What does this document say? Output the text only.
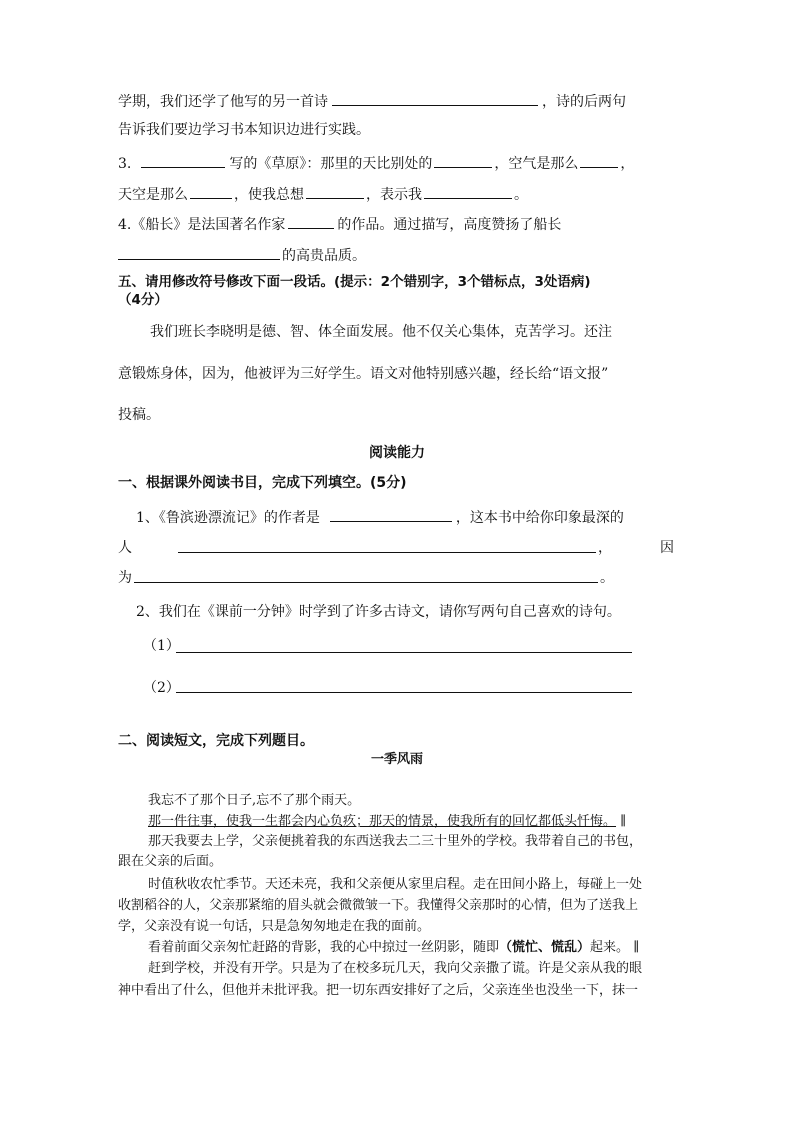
学期，我们还学了他写的另一首诗	，诗的后两句
告诉我们要边学习书本知识边进行实践。
3.	写的《草原》：那里的天比别处的	，空气是那么	，
天空是那么	，使我总想	，表示我	。
4.《船长》是法国著名作家	的作品。通过描写，高度赞扬了船长
的高贵品质。
五、请用修改符号修改下面一段话。(提示：2个错别字，3个错标点，3处语病)
（4分）
我们班长李晓明是德、智、体全面发展。他不仅关心集体，克苦学习。还注
意锻炼身体，因为，他被评为三好学生。语文对他特别感兴趣，经长给“语文报”
投稿。
阅读能力
一、根据课外阅读书目，完成下列填空。(5分)
1、《鲁滨逊漂流记》的作者是	，这本书中给你印象最深的
人	，	因
为	。
2、我们在《课前一分钟》时学到了许多古诗文，请你写两句自己喜欢的诗句。
（1）
（2）
二、阅读短文，完成下列题目。
一季风雨
我忘不了那个日子,忘不了那个雨天。
那一件往事，使我一生都会内心负疚；那天的情景，使我所有的回忆都低头忏悔。 ∥
那天我要去上学，父亲便挑着我的东西送我去二三十里外的学校。我带着自己的书包，
跟在父亲的后面。
时值秋收农忙季节。天还未亮，我和父亲便从家里启程。走在田间小路上，每碰上一处
收割稻谷的人，父亲那紧缩的眉头就会微微皱一下。我懂得父亲那时的心情，但为了送我上
学，父亲没有说一句话，只是急匆匆地走在我的面前。
看着前面父亲匆忙赶路的背影，我的心中掠过一丝阴影，随即（慌忙、慌乱）起来。 ∥
赶到学校，并没有开学。只是为了在校多玩几天，我向父亲撒了谎。许是父亲从我的眼
神中看出了什么，但他并未批评我。把一切东西安排好了之后，父亲连坐也没坐一下，抹一
